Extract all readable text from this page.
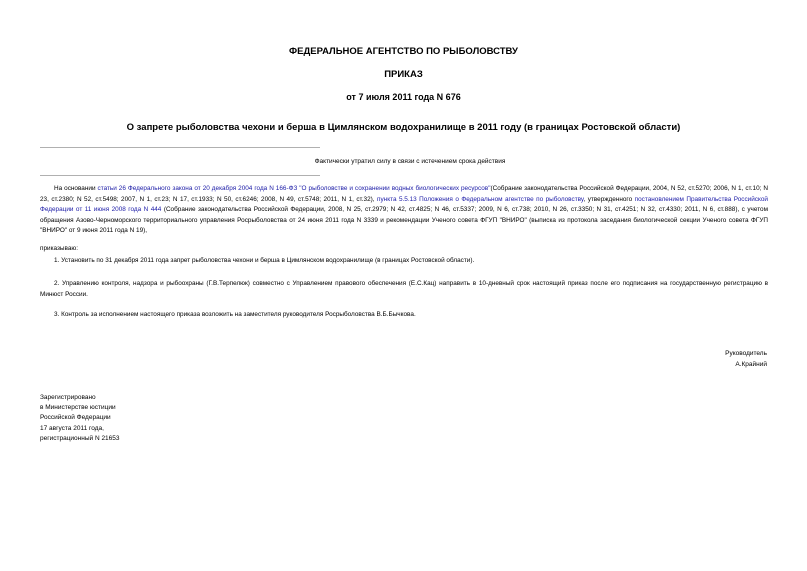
ФЕДЕРАЛЬНОЕ АГЕНТСТВО ПО РЫБОЛОВСТВУ
ПРИКАЗ
от 7 июля 2011 года N 676
О запрете рыболовства чехони и берша в Цимлянском водохранилище в 2011 году (в границах Ростовской области)
Фактически утратил силу в связи с истечением срока действия
На основании статьи 26 Федерального закона от 20 декабря 2004 года N 166-ФЗ "О рыболовстве и сохранении водных биологических ресурсов"(Собрание законодательства Российской Федерации, 2004, N 52, ст.5270; 2006, N 1, ст.10; N 23, ст.2380; N 52, ст.5498; 2007, N 1, ст.23; N 17, ст.1933; N 50, ст.6246; 2008, N 49, ст.5748; 2011, N 1, ст.32), пункта 5.5.13 Положения о Федеральном агентстве по рыболовству, утвержденного постановлением Правительства Российской Федерации от 11 июня 2008 года N 444 (Собрание законодательства Российской Федерации, 2008, N 25, ст.2979; N 42, ст.4825; N 46, ст.5337; 2009, N 6, ст.738; 2010, N 26, ст.3350; N 31, ст.4251; N 32, ст.4330; 2011, N 6, ст.888), с учетом обращения Азово-Черноморского территориального управления Росрыболовства от 24 июня 2011 года N 3339 и рекомендации Ученого совета ФГУП "ВНИРО" (выписка из протокола заседания биологической секции Ученого совета ФГУП "ВНИРО" от 9 июня 2011 года N 19),
приказываю:
1. Установить по 31 декабря 2011 года запрет рыболовства чехони и берша в Цимлянском водохранилище (в границах Ростовской области).
2. Управлению контроля, надзора и рыбоохраны (Г.В.Терпелюк) совместно с Управлением правового обеспечения (Е.С.Кац) направить в 10-дневный срок настоящий приказ после его подписания на государственную регистрацию в Минюст России.
3. Контроль за исполнением настоящего приказа возложить на заместителя руководителя Росрыболовства В.Б.Бычкова.
Руководитель
А.Крайний
Зарегистрировано
в Министерстве юстиции
Российской Федерации
17 августа 2011 года,
регистрационный N 21653
